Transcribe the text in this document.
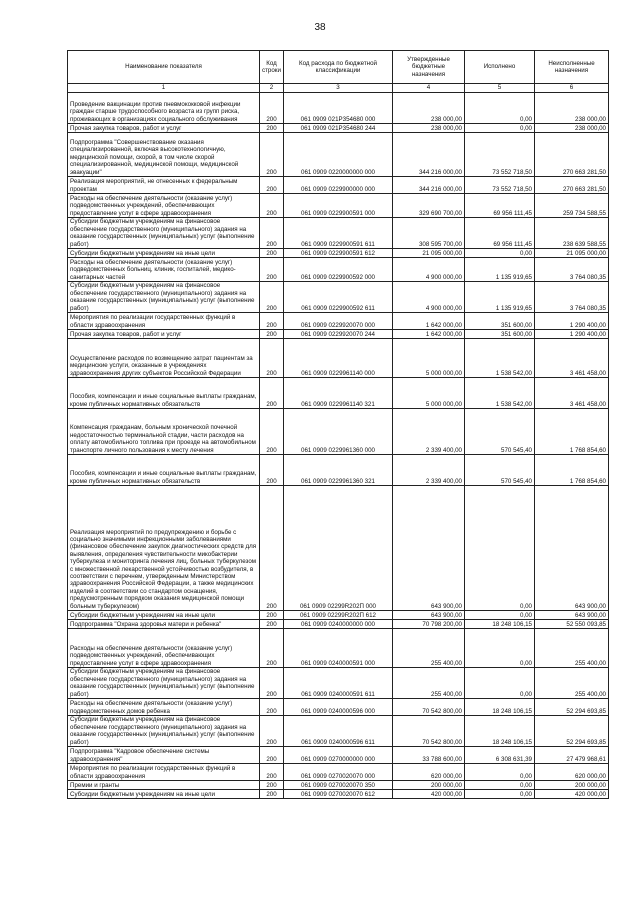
38
Наименование показателя	Код строки	Код расхода по бюджетной классификации	Утвержденные бюджетные назначения	Исполнено	Неисполненные назначения
1	2	3	4	5	6
Проведение вакцинации против пневмококковой инфекции граждан старше трудоспособного возраста из групп риска, проживающих в организациях социального обслуживания	200	061 0909 021P354680 000	238 000,00	0,00	238 000,00
Прочая закупка товаров, работ и услуг	200	061 0909 021P354680 244	238 000,00	0,00	238 000,00
Подпрограмма "Совершенствование оказания специализированной, включая высокотехнологичную, медицинской помощи, скорой, в том числе скорой специализированной, медицинской помощи, медицинской эвакуации"	200	061 0909 0220000000 000	344 216 000,00	73 552 718,50	270 663 281,50
Реализация мероприятий, не отнесенных к федеральным проектам	200	061 0909 0229900000 000	344 216 000,00	73 552 718,50	270 663 281,50
Расходы на обеспечение деятельности (оказание услуг) подведомственных учреждений, обеспечивающих предоставление услуг в сфере здравоохранения	200	061 0909 0229900591 000	329 690 700,00	69 956 111,45	259 734 588,55
Субсидии бюджетным учреждениям на финансовое обеспечение государственного (муниципального) задания на оказание государственных (муниципальных) услуг (выполнение работ)	200	061 0909 0229900591 611	308 595 700,00	69 956 111,45	238 639 588,55
Субсидии бюджетным учреждениям на иные цели	200	061 0909 0229900591 612	21 095 000,00	0,00	21 095 000,00
Расходы на обеспечение деятельности (оказание услуг) подведомственных больниц, клиник, госпиталей, медико-санитарных частей	200	061 0909 0229900592 000	4 900 000,00	1 135 919,65	3 764 080,35
Субсидии бюджетным учреждениям на финансовое обеспечение государственного (муниципального) задания на оказание государственных (муниципальных) услуг (выполнение работ)	200	061 0909 0229900592 611	4 900 000,00	1 135 919,65	3 764 080,35
Мероприятия по реализации государственных функций в области здравоохранения	200	061 0909 0229920070 000	1 642 000,00	351 600,00	1 290 400,00
Прочая закупка товаров, работ и услуг	200	061 0909 0229920070 244	1 642 000,00	351 600,00	1 290 400,00
Осуществление расходов по возмещению затрат пациентам за медицинские услуги, оказанные в учреждениях здравоохранения других субъектов Российской Федерации	200	061 0909 0229961140 000	5 000 000,00	1 538 542,00	3 461 458,00
Пособия, компенсации и иные социальные выплаты гражданам, кроме публичных нормативных обязательств	200	061 0909 0229961140 321	5 000 000,00	1 538 542,00	3 461 458,00
Компенсация гражданам, больным хронической почечной недостаточностью терминальной стадии, части расходов на оплату автомобильного топлива при проезде на автомобильном транспорте личного пользования к месту лечения	200	061 0909 0229961360 000	2 339 400,00	570 545,40	1 768 854,60
Пособия, компенсации и иные социальные выплаты гражданам, кроме публичных нормативных обязательств	200	061 0909 0229961360 321	2 339 400,00	570 545,40	1 768 854,60
Реализация мероприятий по предупреждению и борьбе с социально значимыми инфекционными заболеваниями (финансовое обеспечение закупок диагностических средств для выявления, определения чувствительности микобактерии туберкулеза и мониторинга лечения лиц, больных туберкулезом с множественной лекарственной устойчивостью возбудителя, в соответствии с перечнем, утвержденным Министерством здравоохранения Российской Федерации, а также медицинских изделий в соответствии со стандартом оснащения, предусмотренным порядком оказания медицинской помощи больным туберкулезом)	200	061 0909 02299R202П 000	643 900,00	0,00	643 900,00
Субсидии бюджетным учреждениям на иные цели	200	061 0909 02299R202П 612	643 900,00	0,00	643 900,00
Подпрограмма "Охрана здоровья матери и ребенка"	200	061 0909 0240000000 000	70 798 200,00	18 248 106,15	52 550 093,85
Расходы на обеспечение деятельности (оказание услуг) подведомственных учреждений, обеспечивающих предоставление услуг в сфере здравоохранения	200	061 0909 0240000591 000	255 400,00	0,00	255 400,00
Субсидии бюджетным учреждениям на финансовое обеспечение государственного (муниципального) задания на оказание государственных (муниципальных) услуг (выполнение работ)	200	061 0909 0240000591 611	255 400,00	0,00	255 400,00
Расходы на обеспечение деятельности (оказание услуг) подведомственных домов ребенка	200	061 0909 0240000596 000	70 542 800,00	18 248 106,15	52 294 693,85
Субсидии бюджетным учреждениям на финансовое обеспечение государственного (муниципального) задания на оказание государственных (муниципальных) услуг (выполнение работ)	200	061 0909 0240000596 611	70 542 800,00	18 248 106,15	52 294 693,85
Подпрограмма "Кадровое обеспечение системы здравоохранения"	200	061 0909 0270000000 000	33 788 600,00	6 308 631,39	27 479 968,61
Мероприятия по реализации государственных функций в области здравоохранения	200	061 0909 0270020070 000	620 000,00	0,00	620 000,00
Премии и гранты	200	061 0909 0270020070 350	200 000,00	0,00	200 000,00
Субсидии бюджетным учреждениям на иные цели	200	061 0909 0270020070 612	420 000,00	0,00	420 000,00
